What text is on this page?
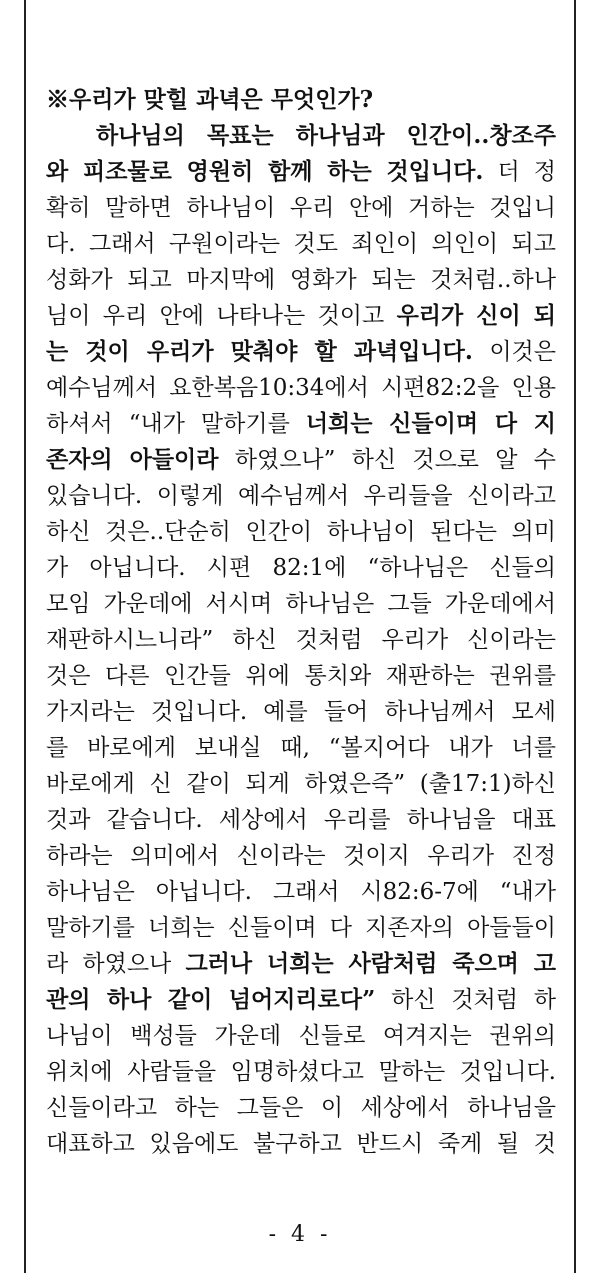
※우리가 맞힐 과녁은 무엇인가?
하나님의 목표는 하나님과 인간이..창조주
와 피조물로 영원히 함께 하는 것입니다. 더 정
확히 말하면 하나님이 우리 안에 거하는 것입니
다. 그래서 구원이라는 것도 죄인이 의인이 되고
성화가 되고 마지막에 영화가 되는 것처럼..하나
님이 우리 안에 나타나는 것이고 우리가 신이 되
는 것이 우리가 맞춰야 할 과녁입니다. 이것은
예수님께서 요한복음10:34에서 시편82:2을 인용
하셔서 “내가 말하기를 너희는 신들이며 다 지
존자의 아들이라 하였으나” 하신 것으로 알 수
있습니다. 이렇게 예수님께서 우리들을 신이라고
하신 것은..단순히 인간이 하나님이 된다는 의미
가 아닙니다. 시편 82:1에 “하나님은 신들의
모임 가운데에 서시며 하나님은 그들 가운데에서
재판하시느니라” 하신 것처럼 우리가 신이라는
것은 다른 인간들 위에 통치와 재판하는 권위를
가지라는 것입니다. 예를 들어 하나님께서 모세
를 바로에게 보내실 때, “볼지어다 내가 너를
바로에게 신 같이 되게 하였은즉” (출17:1)하신
것과 같습니다. 세상에서 우리를 하나님을 대표
하라는 의미에서 신이라는 것이지 우리가 진정
하나님은 아닙니다. 그래서 시82:6-7에 “내가
말하기를 너희는 신들이며 다 지존자의 아들들이
라 하였으나 그러나 너희는 사람처럼 죽으며 고
관의 하나 같이 넘어지리로다” 하신 것처럼 하
나님이 백성들 가운데 신들로 여겨지는 권위의
위치에 사람들을 임명하셨다고 말하는 것입니다.
신들이라고 하는 그들은 이 세상에서 하나님을
대표하고 있음에도 불구하고 반드시 죽게 될 것
- 4 -
